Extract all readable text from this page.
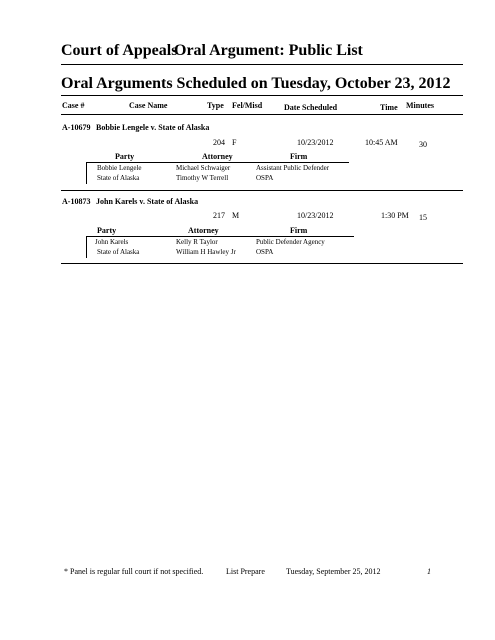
Court of Appeals
Oral Argument: Public List
Oral Arguments Scheduled on Tuesday, October 23, 2012
Case #	Case Name	Type Fel/Misd	Date Scheduled	Time Minutes
A-10679 Bobbie Lengele v. State of Alaska
204 F	10/23/2012	10:45 AM	30
Party	Attorney	Firm
Bobbie Lengele	Michael Schwaiger	Assistant Public Defender
State of Alaska	Timothy W Terrell	OSPA
A-10873 John Karels v. State of Alaska
217 M	10/23/2012	1:30 PM 15
Party	Attorney	Firm
John Karels	Kelly R Taylor	Public Defender Agency
State of Alaska	William H Hawley Jr	OSPA
* Panel is regular full court if not specified.	List Prepare	Tuesday, September 25, 2012	1
